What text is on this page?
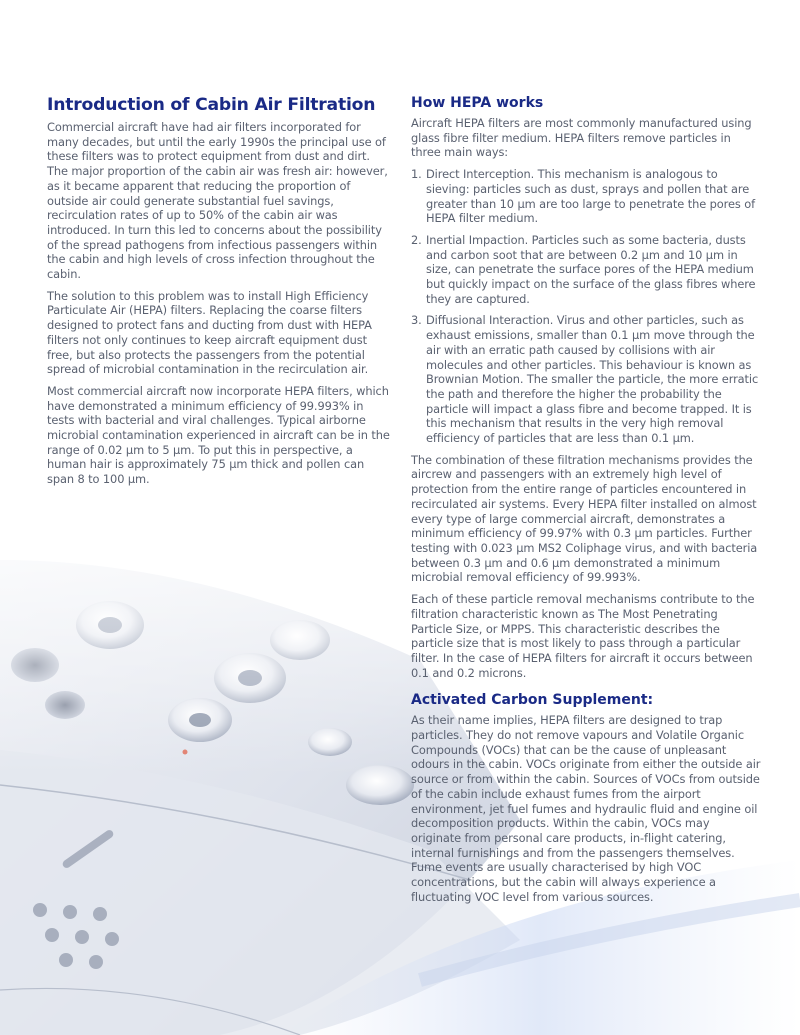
Introduction of Cabin Air Filtration

Commercial aircraft have had air filters incorporated for many decades, but until the early 1990s the principal use of these filters was to protect equipment from dust and dirt. The major proportion of the cabin air was fresh air: however, as it became apparent that reducing the proportion of outside air could generate substantial fuel savings, recirculation rates of up to 50% of the cabin air was introduced. In turn this led to concerns about the possibility of the spread pathogens from infectious passengers within the cabin and high levels of cross infection throughout the cabin.

The solution to this problem was to install High Efficiency Particulate Air (HEPA) filters. Replacing the coarse filters designed to protect fans and ducting from dust with HEPA filters not only continues to keep aircraft equipment dust free, but also protects the passengers from the potential spread of microbial contamination in the recirculation air.

Most commercial aircraft now incorporate HEPA filters, which have demonstrated a minimum efficiency of 99.993% in tests with bacterial and viral challenges. Typical airborne microbial contamination experienced in aircraft can be in the range of 0.02 µm to 5 µm. To put this in perspective, a human hair is approximately 75 µm thick and pollen can span 8 to 100 µm.

How HEPA works

Aircraft HEPA filters are most commonly manufactured using glass fibre filter medium. HEPA filters remove particles in three main ways:

1. Direct Interception. This mechanism is analogous to sieving: particles such as dust, sprays and pollen that are greater than 10 µm are too large to penetrate the pores of HEPA filter medium.
2. Inertial Impaction. Particles such as some bacteria, dusts and carbon soot that are between 0.2 µm and 10 µm in size, can penetrate the surface pores of the HEPA medium but quickly impact on the surface of the glass fibres where they are captured.
3. Diffusional Interaction. Virus and other particles, such as exhaust emissions, smaller than 0.1 µm move through the air with an erratic path caused by collisions with air molecules and other particles. This behaviour is known as Brownian Motion. The smaller the particle, the more erratic the path and therefore the higher the probability the particle will impact a glass fibre and become trapped. It is this mechanism that results in the very high removal efficiency of particles that are less than 0.1 µm.

The combination of these filtration mechanisms provides the aircrew and passengers with an extremely high level of protection from the entire range of particles encountered in recirculated air systems. Every HEPA filter installed on almost every type of large commercial aircraft, demonstrates a minimum efficiency of 99.97% with 0.3 µm particles. Further testing with 0.023 µm MS2 Coliphage virus, and with bacteria between 0.3 µm and 0.6 µm demonstrated a minimum microbial removal efficiency of 99.993%.

Each of these particle removal mechanisms contribute to the filtration characteristic known as The Most Penetrating Particle Size, or MPPS. This characteristic describes the particle size that is most likely to pass through a particular filter. In the case of HEPA filters for aircraft it occurs between 0.1 and 0.2 microns.

Activated Carbon Supplement:

As their name implies, HEPA filters are designed to trap particles. They do not remove vapours and Volatile Organic Compounds (VOCs) that can be the cause of unpleasant odours in the cabin. VOCs originate from either the outside air source or from within the cabin. Sources of VOCs from outside of the cabin include exhaust fumes from the airport environment, jet fuel fumes and hydraulic fluid and engine oil decomposition products. Within the cabin, VOCs may originate from personal care products, in-flight catering, internal furnishings and from the passengers themselves. Fume events are usually characterised by high VOC concentrations, but the cabin will always experience a fluctuating VOC level from various sources.
